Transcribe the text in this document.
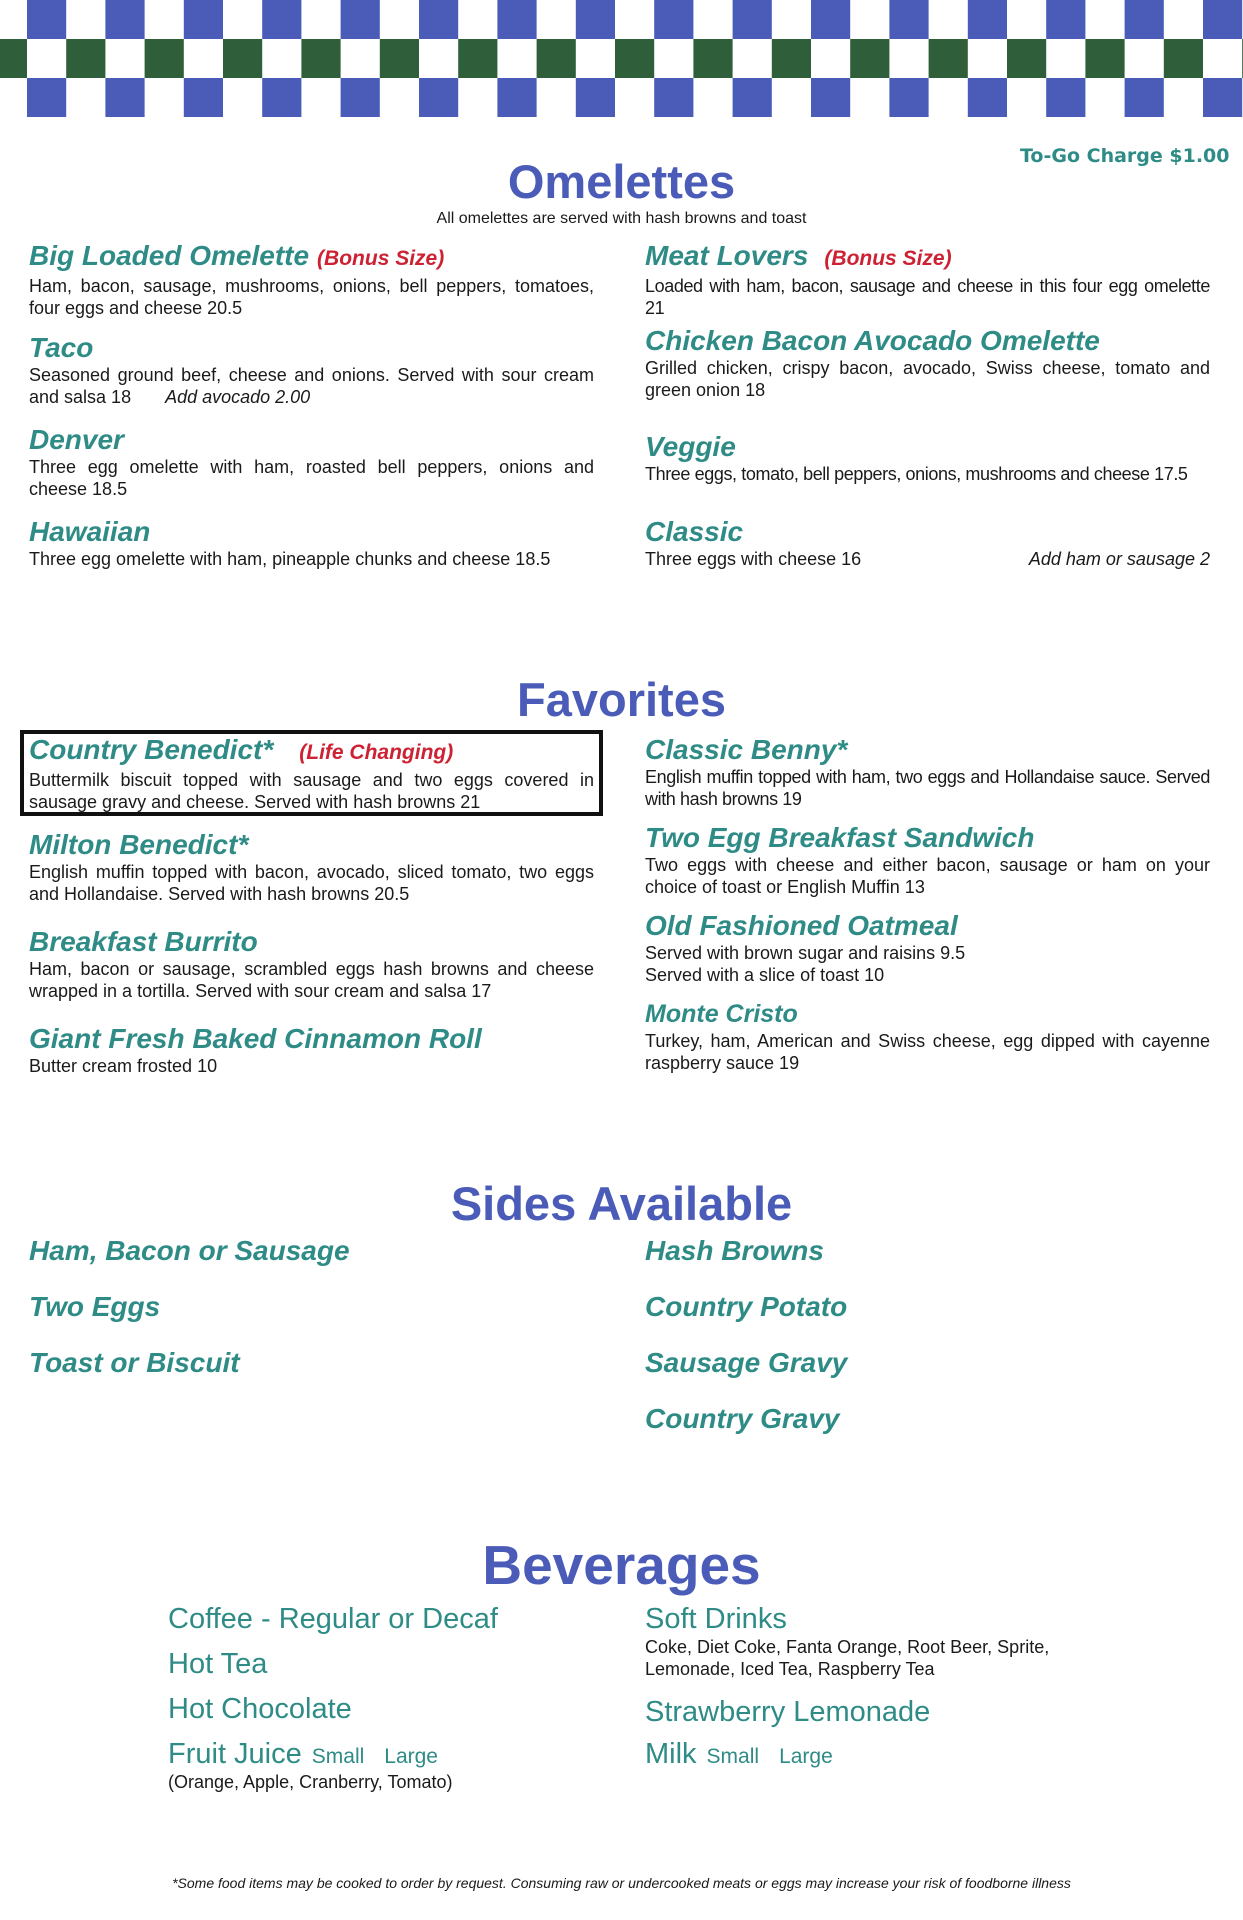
To-Go Charge $1.00
Omelettes
All omelettes are served with hash browns and toast
Big Loaded Omelette (Bonus Size)
Ham, bacon, sausage, mushrooms, onions, bell peppers, tomatoes, four eggs and cheese 20.5
Taco
Seasoned ground beef, cheese and onions. Served with sour cream and salsa 18 Add avocado 2.00
Denver
Three egg omelette with ham, roasted bell peppers, onions and cheese 18.5
Hawaiian
Three egg omelette with ham, pineapple chunks and cheese 18.5
Meat Lovers (Bonus Size)
Loaded with ham, bacon, sausage and cheese in this four egg omelette 21
Chicken Bacon Avocado Omelette
Grilled chicken, crispy bacon, avocado, Swiss cheese, tomato and green onion 18
Veggie
Three eggs, tomato, bell peppers, onions, mushrooms and cheese 17.5
Classic
Three eggs with cheese 16	Add ham or sausage 2
Favorites
Country Benedict* (Life Changing)
Buttermilk biscuit topped with sausage and two eggs covered in sausage gravy and cheese. Served with hash browns 21
Milton Benedict*
English muffin topped with bacon, avocado, sliced tomato, two eggs and Hollandaise. Served with hash browns 20.5
Breakfast Burrito
Ham, bacon or sausage, scrambled eggs hash browns and cheese wrapped in a tortilla. Served with sour cream and salsa 17
Giant Fresh Baked Cinnamon Roll
Butter cream frosted 10
Classic Benny*
English muffin topped with ham, two eggs and Hollandaise sauce. Served with hash browns 19
Two Egg Breakfast Sandwich
Two eggs with cheese and either bacon, sausage or ham on your choice of toast or English Muffin 13
Old Fashioned Oatmeal
Served with brown sugar and raisins 9.5
Served with a slice of toast 10
Monte Cristo
Turkey, ham, American and Swiss cheese, egg dipped with cayenne raspberry sauce 19
Sides Available
Ham, Bacon or Sausage
Two Eggs
Toast or Biscuit
Hash Browns
Country Potato
Sausage Gravy
Country Gravy
Beverages
Coffee - Regular or Decaf
Hot Tea
Hot Chocolate
Fruit Juice Small Large
(Orange, Apple, Cranberry, Tomato)
Soft Drinks
Coke, Diet Coke, Fanta Orange, Root Beer, Sprite, Lemonade, Iced Tea, Raspberry Tea
Strawberry Lemonade
Milk Small Large
*Some food items may be cooked to order by request. Consuming raw or undercooked meats or eggs may increase your risk of foodborne illness
